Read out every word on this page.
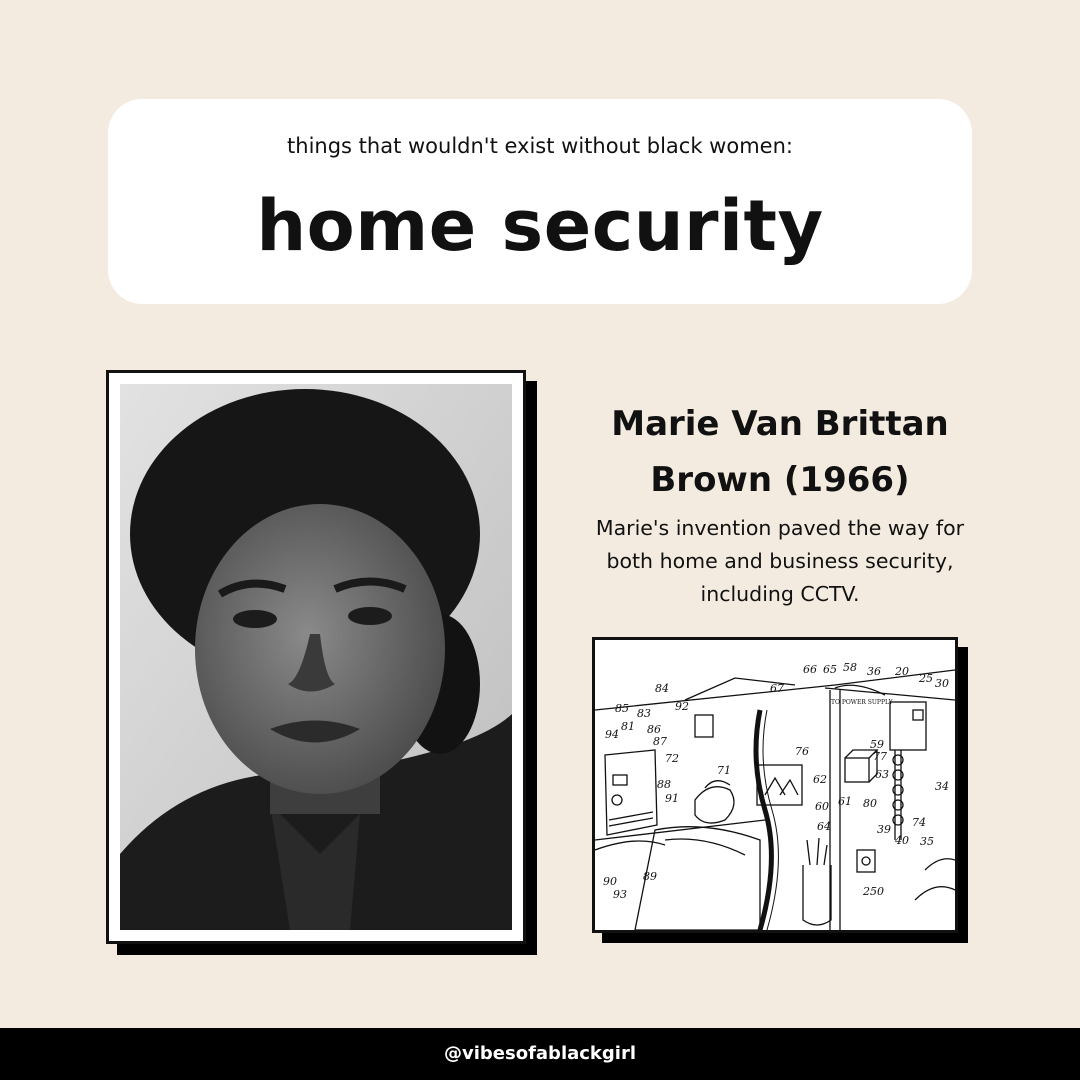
things that wouldn't exist without black women:
home security
Marie Van Brittan
Brown (1966)
Marie's invention paved the way for
both home and business security,
including CCTV.
84
92
66 65 58 36 20
25 30
67
85 83
81 86
94
87
72
71
76
62
59
77
63
88
91	61 80
60
64
34
39
40
74
35
90
93
89
250
TO POWER SUPPLY
@vibesofablackgirl
